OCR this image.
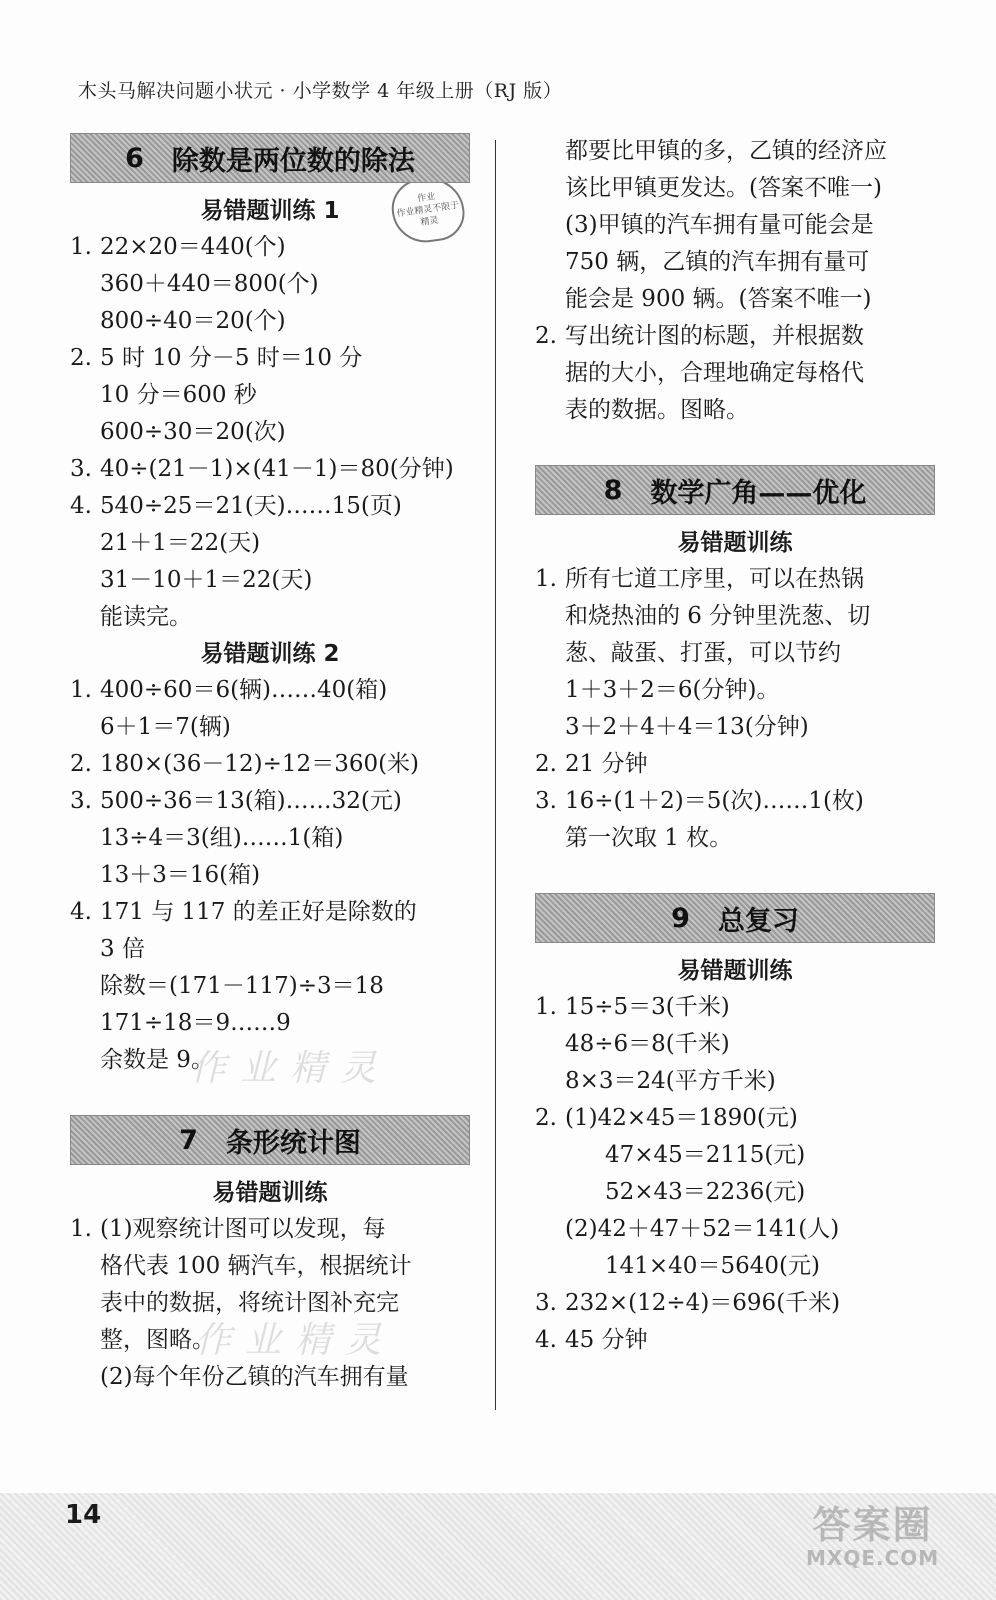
木头马解决问题小状元 · 小学数学 4 年级上册（RJ 版）
作业
作业精灵不限于
精灵
6 除数是两位数的除法
易错题训练 1
1. 22×20＝440(个)
360＋440＝800(个)
800÷40＝20(个)
2. 5 时 10 分－5 时＝10 分
10 分＝600 秒
600÷30＝20(次)
3. 40÷(21－1)×(41－1)＝80(分钟)
4. 540÷25＝21(天)……15(页)
21＋1＝22(天)
31－10＋1＝22(天)
能读完。
易错题训练 2
1. 400÷60＝6(辆)……40(箱)
6＋1＝7(辆)
2. 180×(36－12)÷12＝360(米)
3. 500÷36＝13(箱)……32(元)
13÷4＝3(组)……1(箱)
13＋3＝16(箱)
4. 171 与 117 的差正好是除数的
3 倍
除数＝(171－117)÷3＝18
171÷18＝9……9
余数是 9。
7 条形统计图
易错题训练
1. (1)观察统计图可以发现，每
格代表 100 辆汽车，根据统计
表中的数据，将统计图补充完
整，图略。
(2)每个年份乙镇的汽车拥有量
都要比甲镇的多，乙镇的经济应
该比甲镇更发达。(答案不唯一)
(3)甲镇的汽车拥有量可能会是
750 辆，乙镇的汽车拥有量可
能会是 900 辆。(答案不唯一)
2. 写出统计图的标题，并根据数
据的大小，合理地确定每格代
表的数据。图略。
8 数学广角——优化
易错题训练
1. 所有七道工序里，可以在热锅
和烧热油的 6 分钟里洗葱、切
葱、敲蛋、打蛋，可以节约
1＋3＋2＝6(分钟)。
3＋2＋4＋4＝13(分钟)
2. 21 分钟
3. 16÷(1＋2)＝5(次)……1(枚)
第一次取 1 枚。
9 总复习
易错题训练
1. 15÷5＝3(千米)
48÷6＝8(千米)
8×3＝24(平方千米)
2. (1)42×45＝1890(元)
47×45＝2115(元)
52×43＝2236(元)
(2)42＋47＋52＝141(人)
141×40＝5640(元)
3. 232×(12÷4)＝696(千米)
4. 45 分钟
作业精灵
作业精灵
14	答案圈
MXQE.COM
